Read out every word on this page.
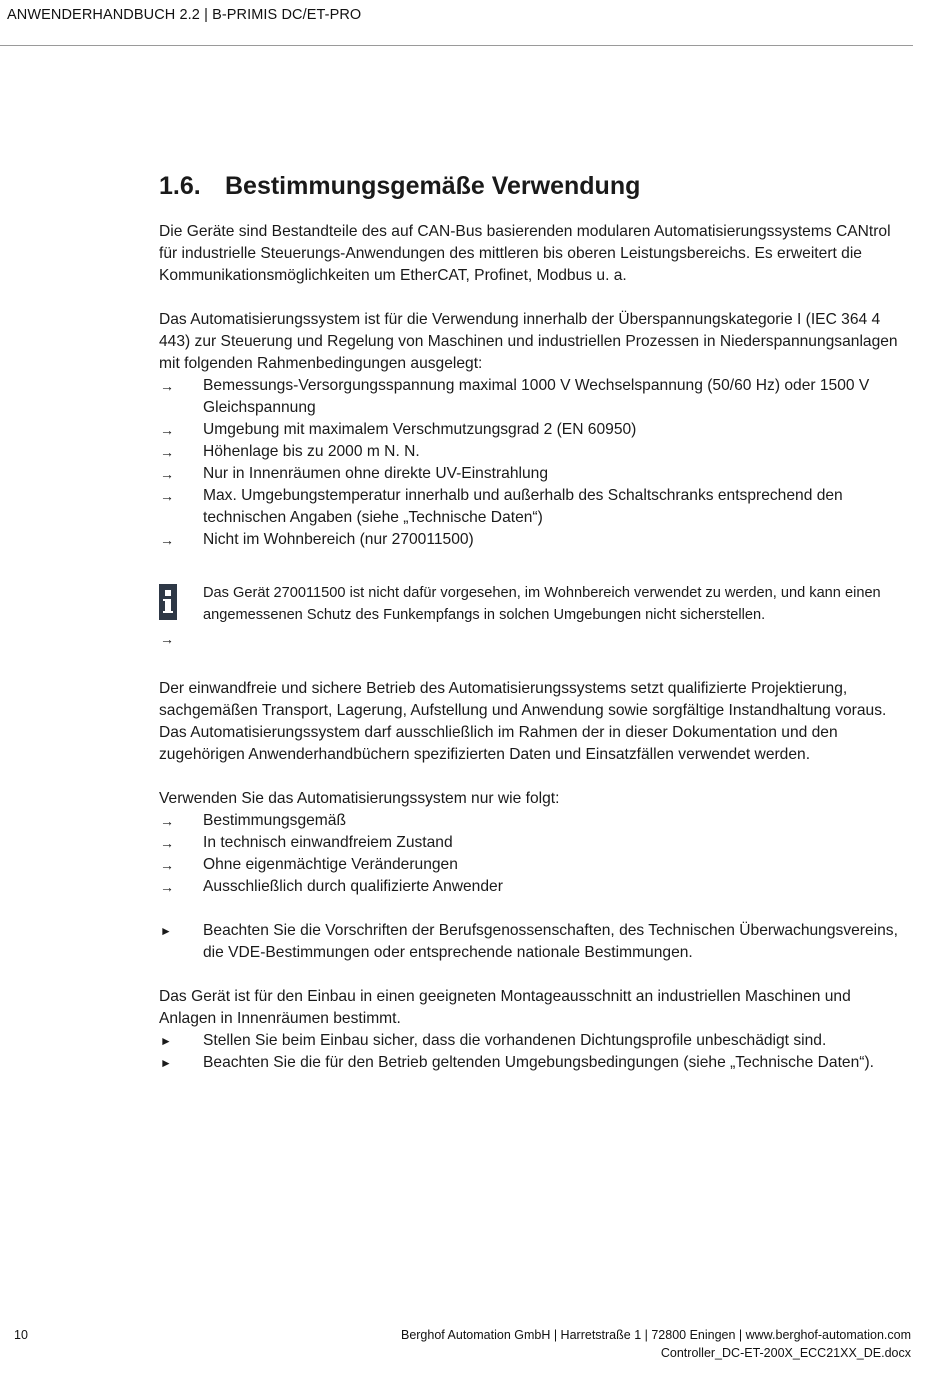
ANWENDERHANDBUCH 2.2 | B-PRIMIS DC/ET-PRO
1.6. Bestimmungsgemäße Verwendung

Die Geräte sind Bestandteile des auf CAN-Bus basierenden modularen Automatisierungssystems CANtrol für industrielle Steuerungs-Anwendungen des mittleren bis oberen Leistungsbereichs. Es erweitert die Kommunikationsmöglichkeiten um EtherCAT, Profinet, Modbus u. a.

Das Automatisierungssystem ist für die Verwendung innerhalb der Überspannungskategorie I (IEC 364 4 443) zur Steuerung und Regelung von Maschinen und industriellen Prozessen in Niederspannungsanlagen mit folgenden Rahmenbedingungen ausgelegt:

→	Bemessungs-Versorgungsspannung maximal 1000 V Wechselspannung (50/60 Hz) oder 1500 V Gleichspannung
→	Umgebung mit maximalem Verschmutzungsgrad 2 (EN 60950)
→	Höhenlage bis zu 2000 m N. N.
→	Nur in Innenräumen ohne direkte UV-Einstrahlung
→	Max. Umgebungstemperatur innerhalb und außerhalb des Schaltschranks entsprechend den technischen Angaben (siehe „Technische Daten“)
→	Nicht im Wohnbereich (nur 270011500)
Das Gerät 270011500 ist nicht dafür vorgesehen, im Wohnbereich verwendet zu werden, und kann einen angemessenen Schutz des Funkempfangs in solchen Umgebungen nicht sicherstellen.
→

Der einwandfreie und sichere Betrieb des Automatisierungssystems setzt qualifizierte Projektierung, sachgemäßen Transport, Lagerung, Aufstellung und Anwendung sowie sorgfältige Instandhaltung voraus.

Das Automatisierungssystem darf ausschließlich im Rahmen der in dieser Dokumentation und den zugehörigen Anwenderhandbüchern spezifizierten Daten und Einsatzfällen verwendet werden.

Verwenden Sie das Automatisierungssystem nur wie folgt:

→	Bestimmungsgemäß
→	In technisch einwandfreiem Zustand
→	Ohne eigenmächtige Veränderungen
→	Ausschließlich durch qualifizierte Anwender
►	Beachten Sie die Vorschriften der Berufsgenossenschaften, des Technischen Überwachungsvereins, die VDE-Bestimmungen oder entsprechende nationale Bestimmungen.

Das Gerät ist für den Einbau in einen geeigneten Montageausschnitt an industriellen Maschinen und Anlagen in Innenräumen bestimmt.

►	Stellen Sie beim Einbau sicher, dass die vorhandenen Dichtungsprofile unbeschädigt sind.
►	Beachten Sie die für den Betrieb geltenden Umgebungsbedingungen (siehe „Technische Daten“).
10	Berghof Automation GmbH | Harretstraße 1 | 72800 Eningen | www.berghof-automation.com
Controller_DC-ET-200X_ECC21XX_DE.docx
